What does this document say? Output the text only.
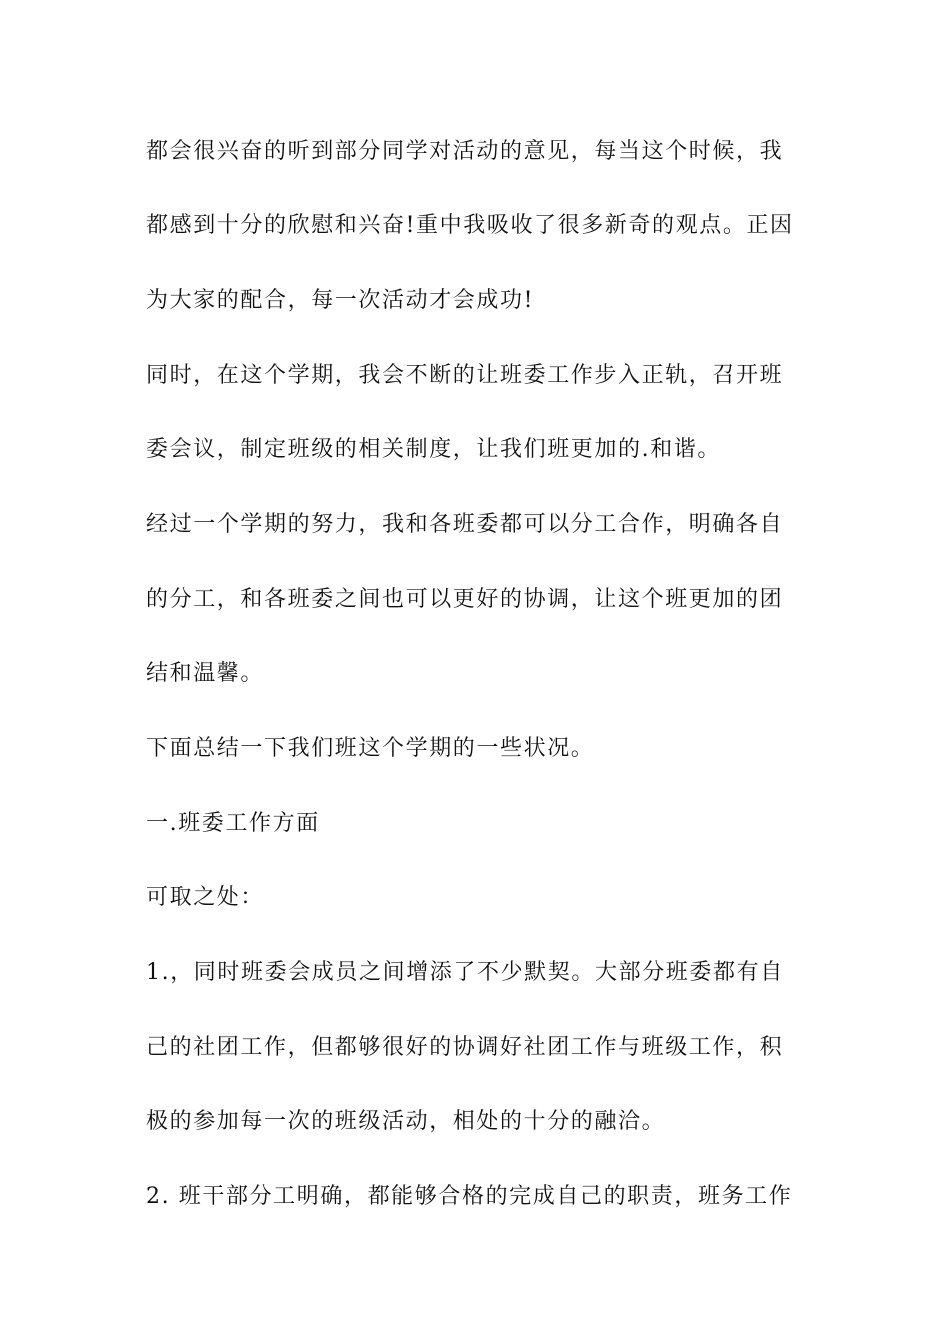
都会很兴奋的听到部分同学对活动的意见，每当这个时候，我
都感到十分的欣慰和兴奋!重中我吸收了很多新奇的观点。正因
为大家的配合，每一次活动才会成功!
同时，在这个学期，我会不断的让班委工作步入正轨，召开班
委会议，制定班级的相关制度，让我们班更加的.和谐。
经过一个学期的努力，我和各班委都可以分工合作，明确各自
的分工，和各班委之间也可以更好的协调，让这个班更加的团
结和温馨。
下面总结一下我们班这个学期的一些状况。
一.班委工作方面
可取之处：
1.，同时班委会成员之间增添了不少默契。大部分班委都有自
己的社团工作，但都够很好的协调好社团工作与班级工作，积
极的参加每一次的班级活动，相处的十分的融洽。
2. 班干部分工明确，都能够合格的完成自己的职责，班务工作
